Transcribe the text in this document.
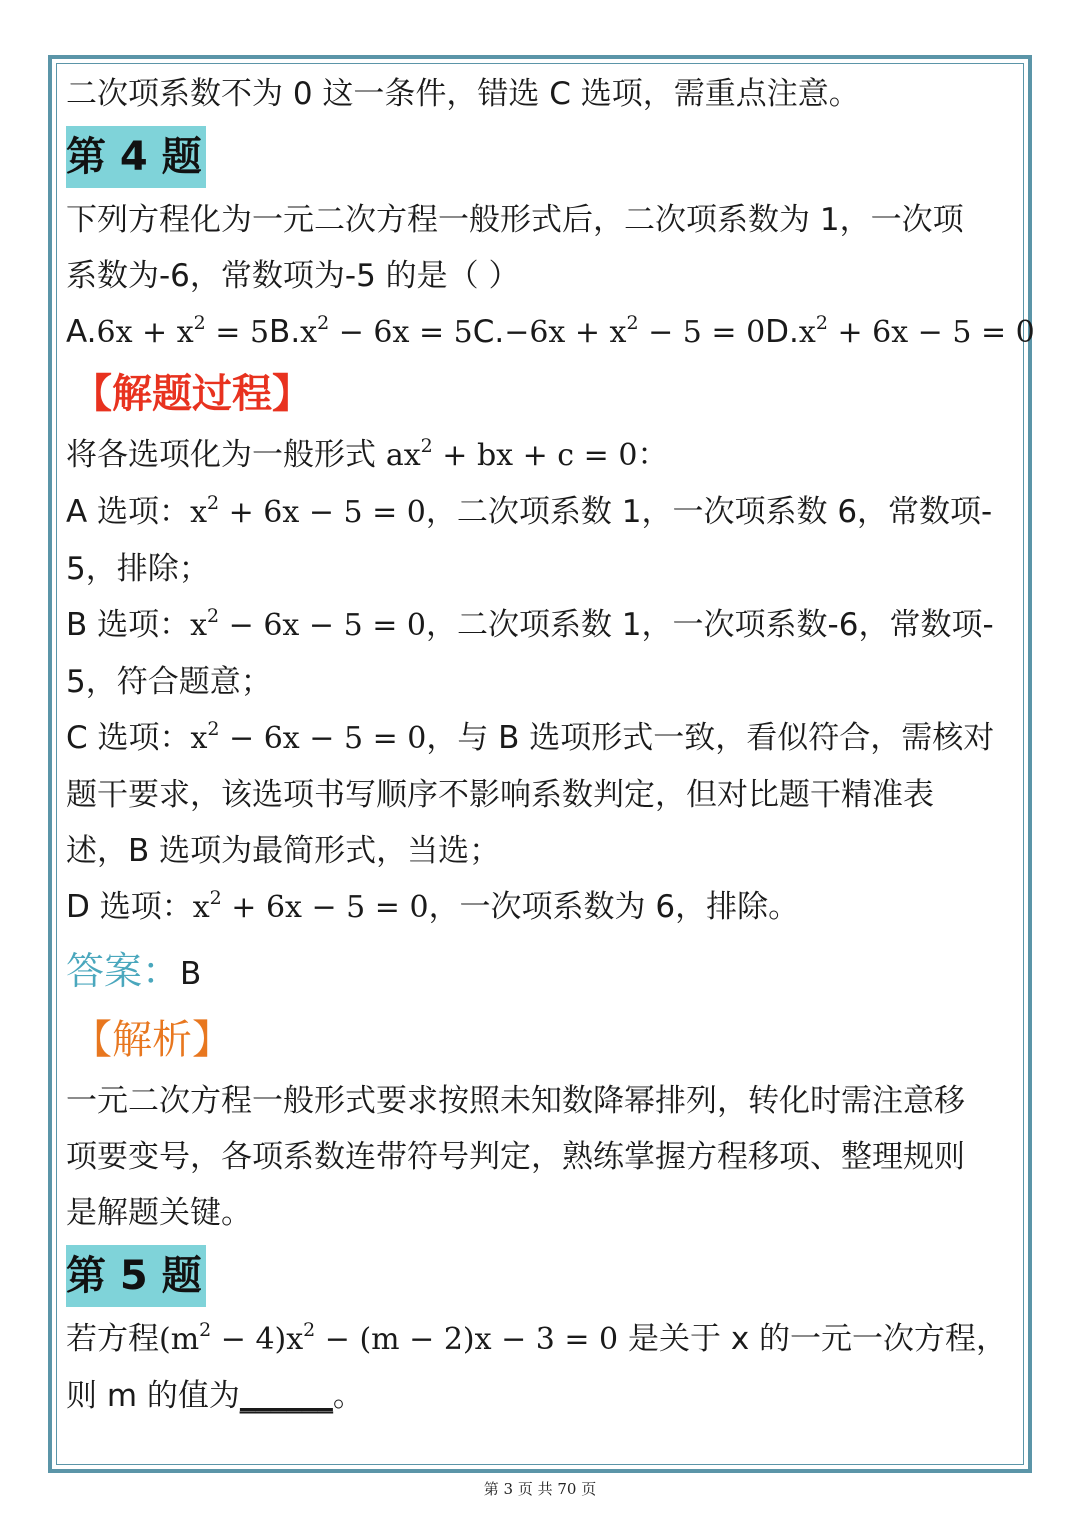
二次项系数不为 0 这一条件，错选 C 选项，需重点注意。
第 4 题
下列方程化为一元二次方程一般形式后，二次项系数为 1，一次项
系数为-6，常数项为-5 的是（ ）
$A.6x + x^2 = 5B.x^2 - 6x = 5C.-6x + x^2 - 5 = 0D.x^2 + 6x - 5 = 0$
【解题过程】
将各选项化为一般形式 $ax^2$ + bx + c = 0：
A 选项：$x^2 + 6x - 5 = 0$，二次项系数 1，一次项系数 6，常数项-
5，排除；
B 选项：$x^2 - 6x - 5 = 0$，二次项系数 1，一次项系数-6，常数项-
5，符合题意；
C 选项：$x^2 - 6x - 5 = 0$，与 B 选项形式一致，看似符合，需核对
题干要求，该选项书写顺序不影响系数判定，但对比题干精准表
述，B 选项为最简形式，当选；
D 选项：$x^2 + 6x - 5 = 0$，一次项系数为 6，排除。
答案：B
【解析】
一元二次方程一般形式要求按照未知数降幂排列，转化时需注意移
项要变号，各项系数连带符号判定，熟练掌握方程移项、整理规则
是解题关键。
第 5 题
若方程$(m^2 - 4)x^2 - (m - 2)x - 3 = 0$ 是关于 x 的一元一次方程，
则 m 的值为______。
第 3 页 共 70 页
